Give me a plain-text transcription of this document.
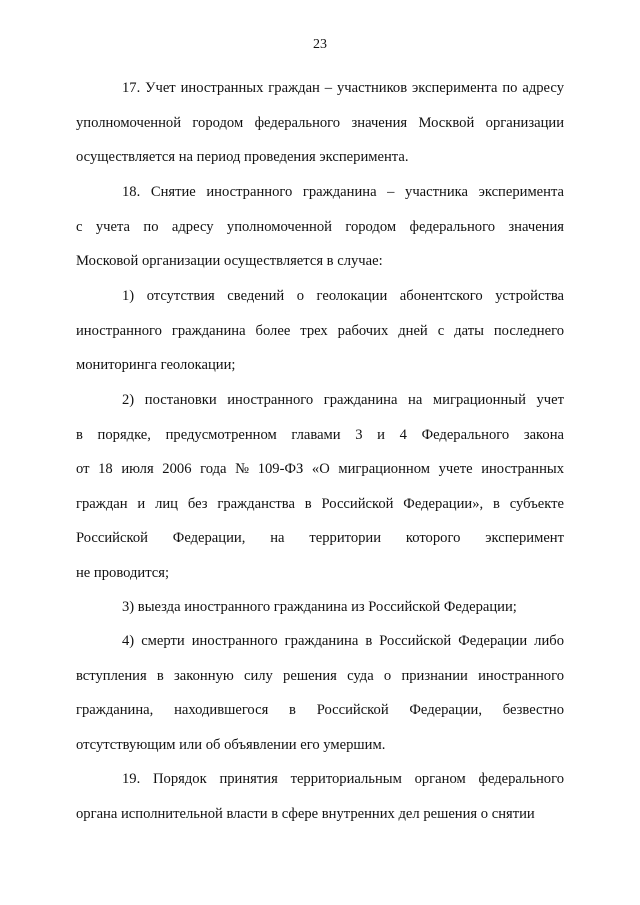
23
17. Учет иностранных граждан – участников эксперимента по адресу
уполномоченной городом федерального значения Москвой организации
осуществляется на период проведения эксперимента.
18. Снятие иностранного гражданина – участника эксперимента
с учета по адресу уполномоченной городом федерального значения
Московой организации осуществляется в случае:
1) отсутствия сведений о геолокации абонентского устройства
иностранного гражданина более трех рабочих дней с даты последнего
мониторинга геолокации;
2) постановки иностранного гражданина на миграционный учет
в порядке, предусмотренном главами 3 и 4 Федерального закона
от 18 июля 2006 года № 109-ФЗ «О миграционном учете иностранных
граждан и лиц без гражданства в Российской Федерации», в субъекте
Российской Федерации, на территории которого эксперимент
не проводится;
3) выезда иностранного гражданина из Российской Федерации;
4) смерти иностранного гражданина в Российской Федерации либо
вступления в законную силу решения суда о признании иностранного
гражданина, находившегося в Российской Федерации, безвестно
отсутствующим или об объявлении его умершим.
19. Порядок принятия территориальным органом федерального
органа исполнительной власти в сфере внутренних дел решения о снятии
